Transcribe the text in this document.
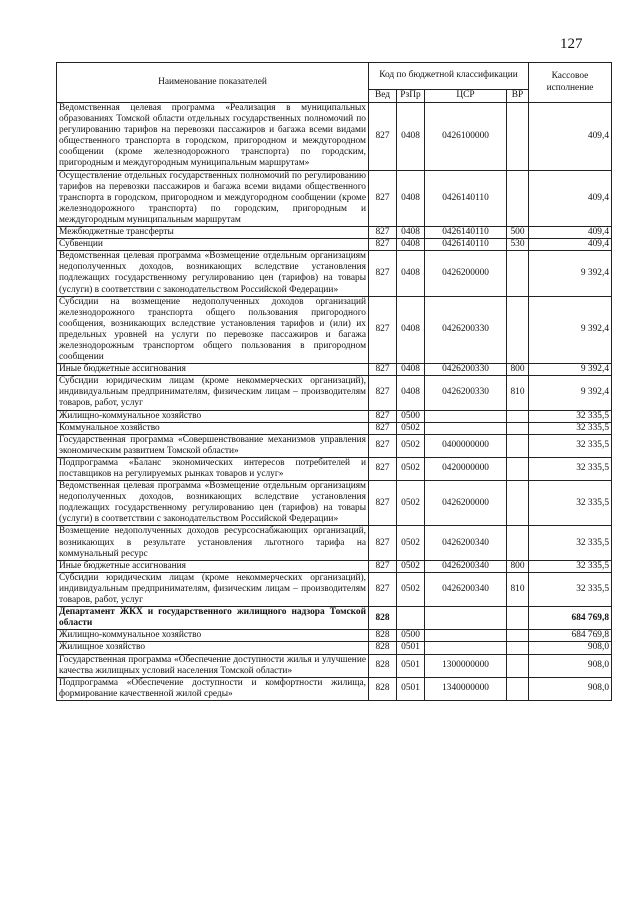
127
Наименование показателей	Код по бюджетной классификации				Кассовое исполнение
	Вед	РзПр	ЦСР	ВР	
Ведомственная целевая программа «Реализация в муниципальных образованиях Томской области отдельных государственных полномочий по регулированию тарифов на перевозки пассажиров и багажа всеми видами общественного транспорта в городском, пригородном и междугородном сообщении (кроме железнодорожного транспорта) по городским, пригородным и междугородным муниципальным маршрутам»	827	0408	0426100000		409,4
Осуществление отдельных государственных полномочий по регулированию тарифов на перевозки пассажиров и багажа всеми видами общественного транспорта в городском, пригородном и междугородном сообщении (кроме железнодорожного транспорта) по городским, пригородным и междугородным муниципальным маршрутам	827	0408	0426140110		409,4
Межбюджетные трансферты	827	0408	0426140110	500	409,4
Субвенции	827	0408	0426140110	530	409,4
Ведомственная целевая программа «Возмещение отдельным организациям недополученных доходов, возникающих вследствие установления подлежащих государственному регулированию цен (тарифов) на товары (услуги) в соответствии с законодательством Российской Федерации»	827	0408	0426200000		9 392,4
Субсидии на возмещение недополученных доходов организаций железнодорожного транспорта общего пользования пригородного сообщения, возникающих вследствие установления тарифов и (или) их предельных уровней на услуги по перевозке пассажиров и багажа железнодорожным транспортом общего пользования в пригородном сообщении	827	0408	0426200330		9 392,4
Иные бюджетные ассигнования	827	0408	0426200330	800	9 392,4
Субсидии юридическим лицам (кроме некоммерческих организаций), индивидуальным предпринимателям, физическим лицам – производителям товаров, работ, услуг	827	0408	0426200330	810	9 392,4
Жилищно-коммунальное хозяйство	827	0500			32 335,5
Коммунальное хозяйство	827	0502			32 335,5
Государственная программа «Совершенствование механизмов управления экономическим развитием Томской области»	827	0502	0400000000		32 335,5
Подпрограмма «Баланс экономических интересов потребителей и поставщиков на регулируемых рынках товаров и услуг»	827	0502	0420000000		32 335,5
Ведомственная целевая программа «Возмещение отдельным организациям недополученных доходов, возникающих вследствие установления подлежащих государственному регулированию цен (тарифов) на товары (услуги) в соответствии с законодательством Российской Федерации»	827	0502	0426200000		32 335,5
Возмещение недополученных доходов ресурсоснабжающих организаций, возникающих в результате установления льготного тарифа на коммунальный ресурс	827	0502	0426200340		32 335,5
Иные бюджетные ассигнования	827	0502	0426200340	800	32 335,5
Субсидии юридическим лицам (кроме некоммерческих организаций), индивидуальным предпринимателям, физическим лицам – производителям товаров, работ, услуг	827	0502	0426200340	810	32 335,5
Департамент ЖКХ и государственного жилищного надзора Томской области	828				684 769,8
Жилищно-коммунальное хозяйство	828	0500			684 769,8
Жилищное хозяйство	828	0501			908,0
Государственная программа «Обеспечение доступности жилья и улучшение качества жилищных условий населения Томской области»	828	0501	1300000000		908,0
Подпрограмма «Обеспечение доступности и комфортности жилища, формирование качественной жилой среды»	828	0501	1340000000		908,0
